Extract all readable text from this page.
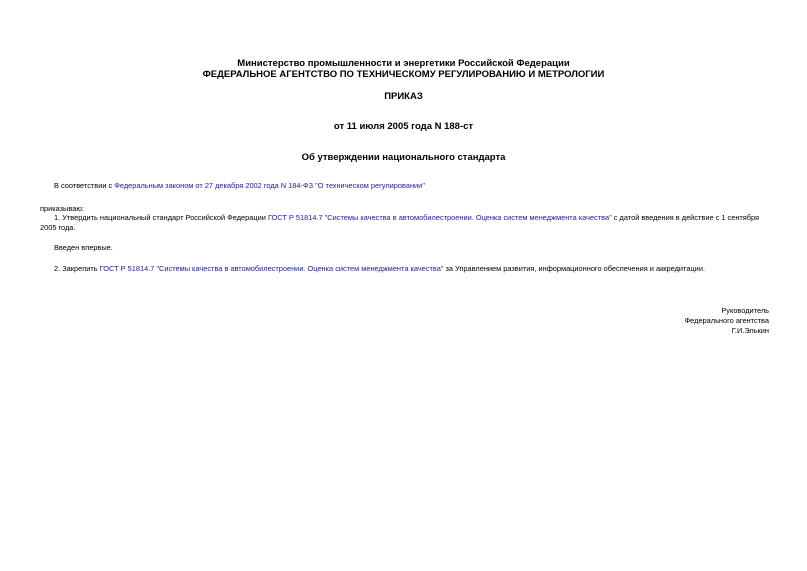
Министерство промышленности и энергетики Российской Федерации
ФЕДЕРАЛЬНОЕ АГЕНТСТВО ПО ТЕХНИЧЕСКОМУ РЕГУЛИРОВАНИЮ И МЕТРОЛОГИИ
ПРИКАЗ
от 11 июля 2005 года N 188-ст
Об утверждении национального стандарта
В соответствии с Федеральным законом от 27 декабря 2002 года N 184-ФЗ "О техническом регулировании"
приказываю:
1. Утвердить национальный стандарт Российской Федерации ГОСТ Р 51814.7 "Системы качества в автомобилестроении. Оценка систем менеджмента качества" с датой введения в действие с 1 сентября 2005 года.
Введен впервые.
2. Закрепить ГОСТ Р 51814.7 "Системы качества в автомобилестроении. Оценка систем менеджмента качества" за Управлением развития, информационного обеспечения и аккредитации.
Руководитель
Федерального агентства
Г.И.Элькин
